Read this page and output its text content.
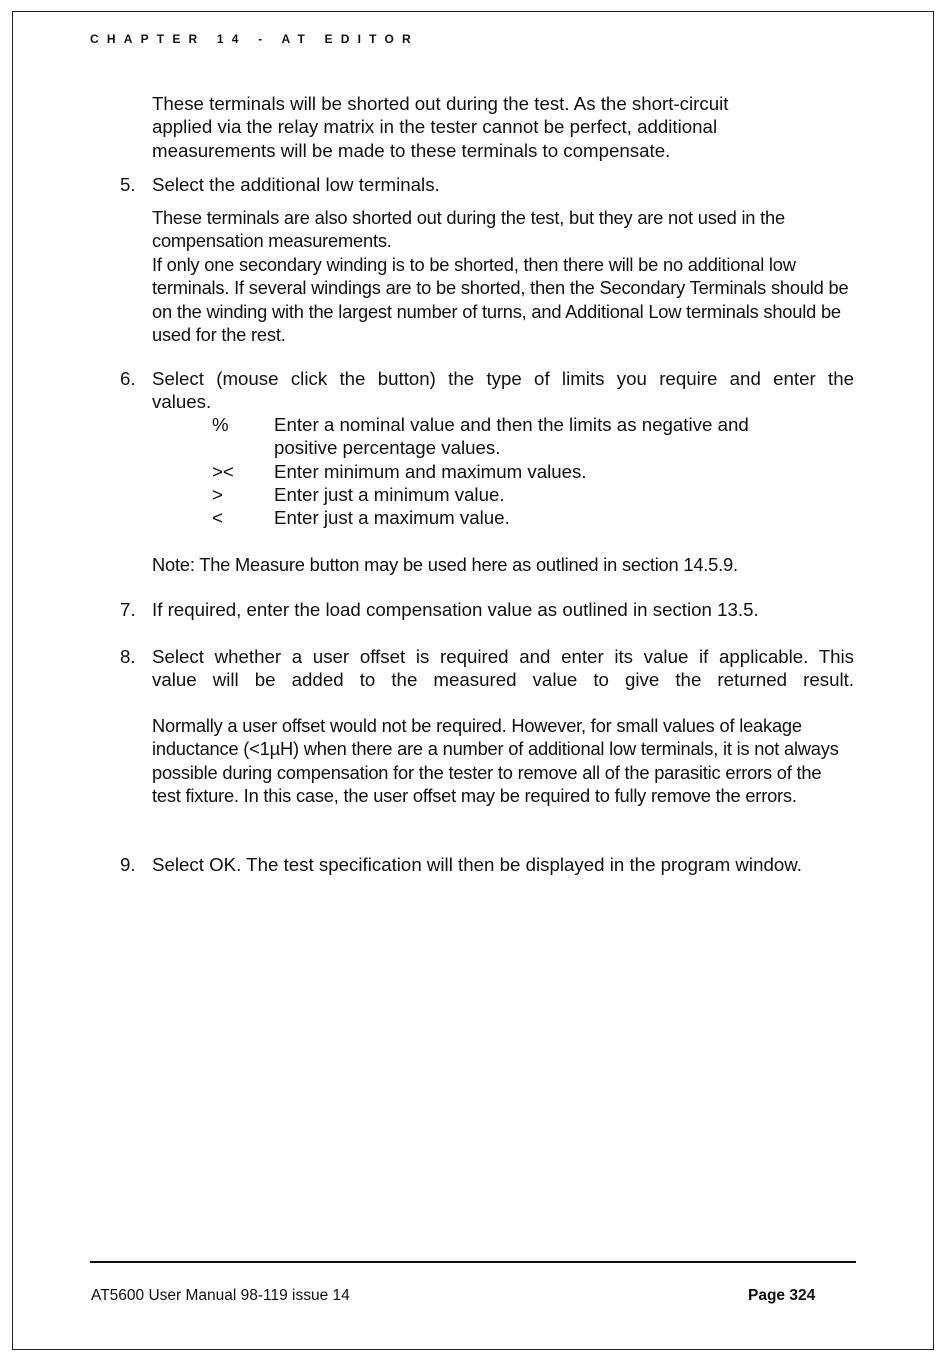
CHAPTER 14 - AT EDITOR

These terminals will be shorted out during the test. As the short-circuit applied via the relay matrix in the tester cannot be perfect, additional measurements will be made to these terminals to compensate.

5. Select the additional low terminals.

These terminals are also shorted out during the test, but they are not used in the compensation measurements.

If only one secondary winding is to be shorted, then there will be no additional low terminals. If several windings are to be shorted, then the Secondary Terminals should be on the winding with the largest number of turns, and Additional Low terminals should be used for the rest.

6. Select (mouse click the button) the type of limits you require and enter the
values.
% Enter a nominal value and then the limits as negative and positive percentage values.
>< Enter minimum and maximum values.
>	Enter just a minimum value.
<	Enter just a maximum value.
Note: The Measure button may be used here as outlined in section 14.5.9.
7. If required, enter the load compensation value as outlined in section 13.5.
8. Select whether a user offset is required and enter its value if applicable. This
value will be added to the measured value to give the returned result.

Normally a user offset would not be required. However, for small values of leakage inductance (<1µH) when there are a number of additional low terminals, it is not always possible during compensation for the tester to remove all of the parasitic errors of the test fixture. In this case, the user offset may be required to fully remove the errors.

9. Select OK. The test specification will then be displayed in the program window.
AT5600 User Manual 98-119 issue 14	Page 324
